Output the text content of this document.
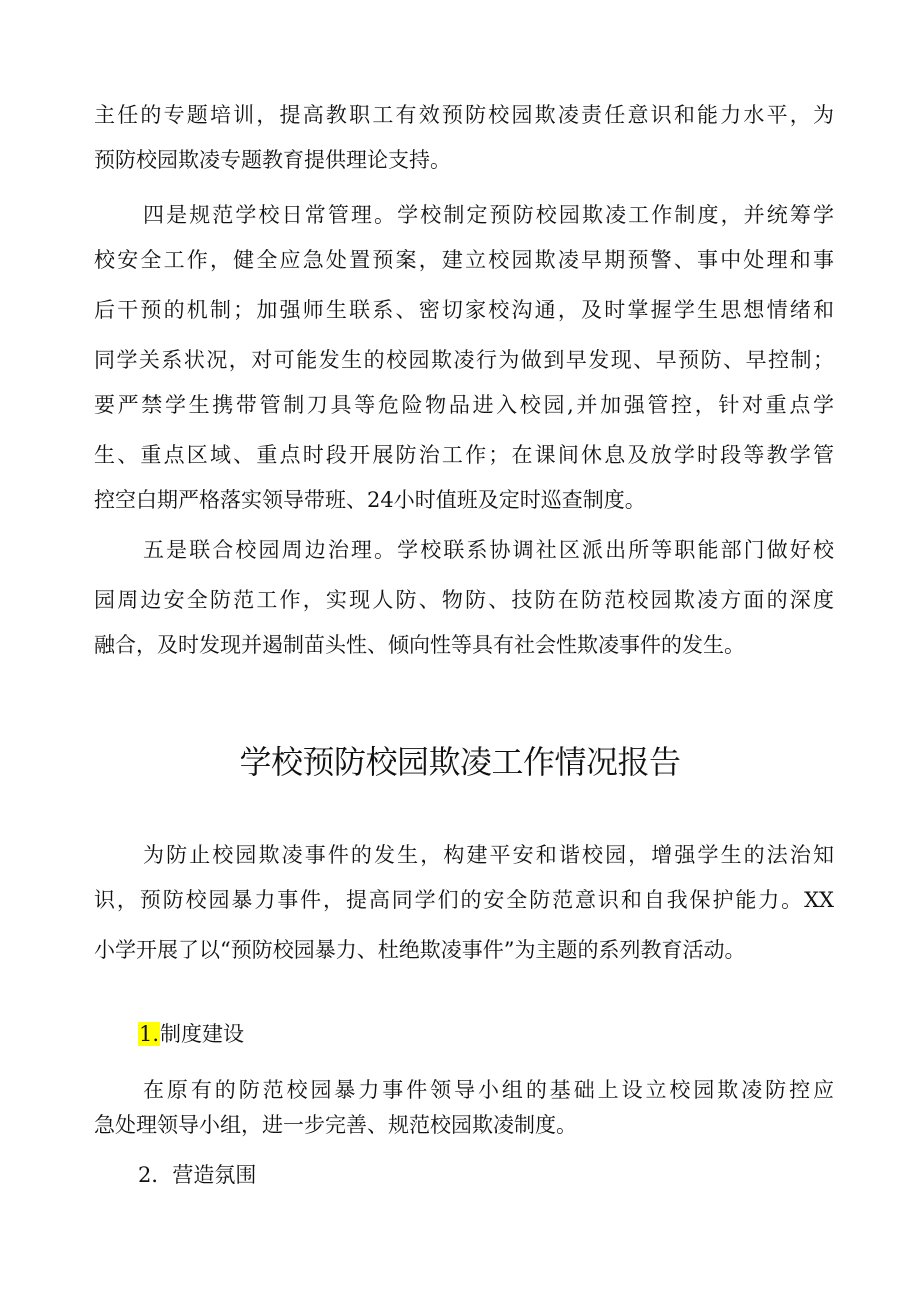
主任的专题培训，提高教职工有效预防校园欺凌责任意识和能力水平，为
预防校园欺凌专题教育提供理论支持。
四是规范学校日常管理。学校制定预防校园欺凌工作制度，并统筹学
校安全工作，健全应急处置预案，建立校园欺凌早期预警、事中处理和事
后干预的机制；加强师生联系、密切家校沟通，及时掌握学生思想情绪和
同学关系状况，对可能发生的校园欺凌行为做到早发现、早预防、早控制；
要严禁学生携带管制刀具等危险物品进入校园,并加强管控，针对重点学
生、重点区域、重点时段开展防治工作；在课间休息及放学时段等教学管
控空白期严格落实领导带班、24小时值班及定时巡查制度。
五是联合校园周边治理。学校联系协调社区派出所等职能部门做好校
园周边安全防范工作，实现人防、物防、技防在防范校园欺凌方面的深度
融合，及时发现并遏制苗头性、倾向性等具有社会性欺凌事件的发生。
学校预防校园欺凌工作情况报告
为防止校园欺凌事件的发生，构建平安和谐校园，增强学生的法治知
识，预防校园暴力事件，提高同学们的安全防范意识和自我保护能力。XX
小学开展了以“预防校园暴力、杜绝欺凌事件”为主题的系列教育活动。
1.制度建设
在原有的防范校园暴力事件领导小组的基础上设立校园欺凌防控应
急处理领导小组，进一步完善、规范校园欺凌制度。
2．营造氛围
